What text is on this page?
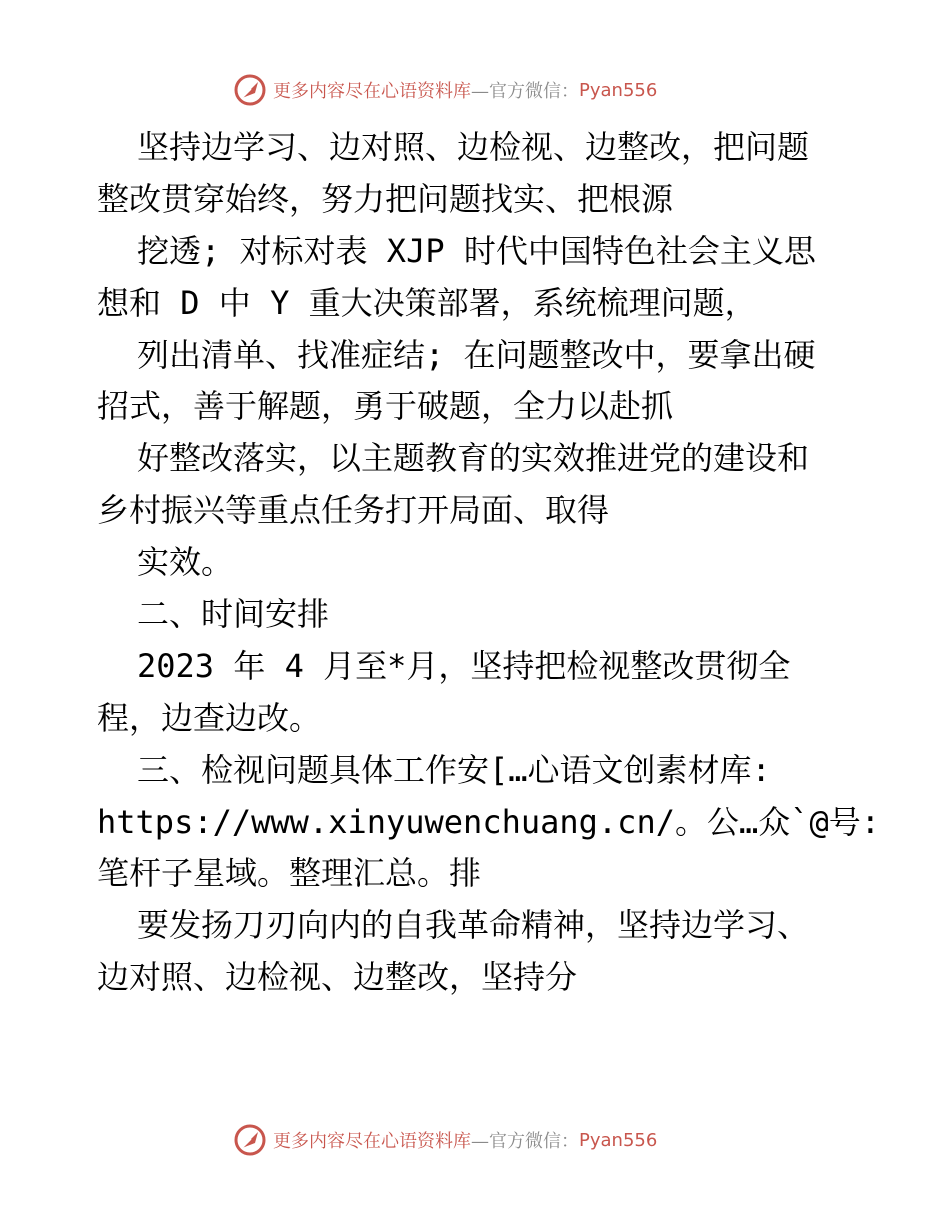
更多内容尽在心语资料库 —官方微信： Pyan556
坚持边学习、边对照、边检视、边整改，把问题
整改贯穿始终，努力把问题找实、把根源
挖透; 对标对表 XJP 时代中国特色社会主义思
想和 D 中 Y 重大决策部署，系统梳理问题，
列出清单、找准症结; 在问题整改中，要拿出硬
招式，善于解题，勇于破题，全力以赴抓
好整改落实，以主题教育的实效推进党的建设和
乡村振兴等重点任务打开局面、取得
实效。
二、时间安排
2023 年 4 月至*月，坚持把检视整改贯彻全
程，边查边改。
三、检视问题具体工作安[…心语文创素材库:
https://www.xinyuwenchuang.cn/。公…众`@号:
笔杆子星域。整理汇总。排
要发扬刀刃向内的自我革命精神，坚持边学习、
边对照、边检视、边整改，坚持分
更多内容尽在心语资料库 —官方微信： Pyan556
